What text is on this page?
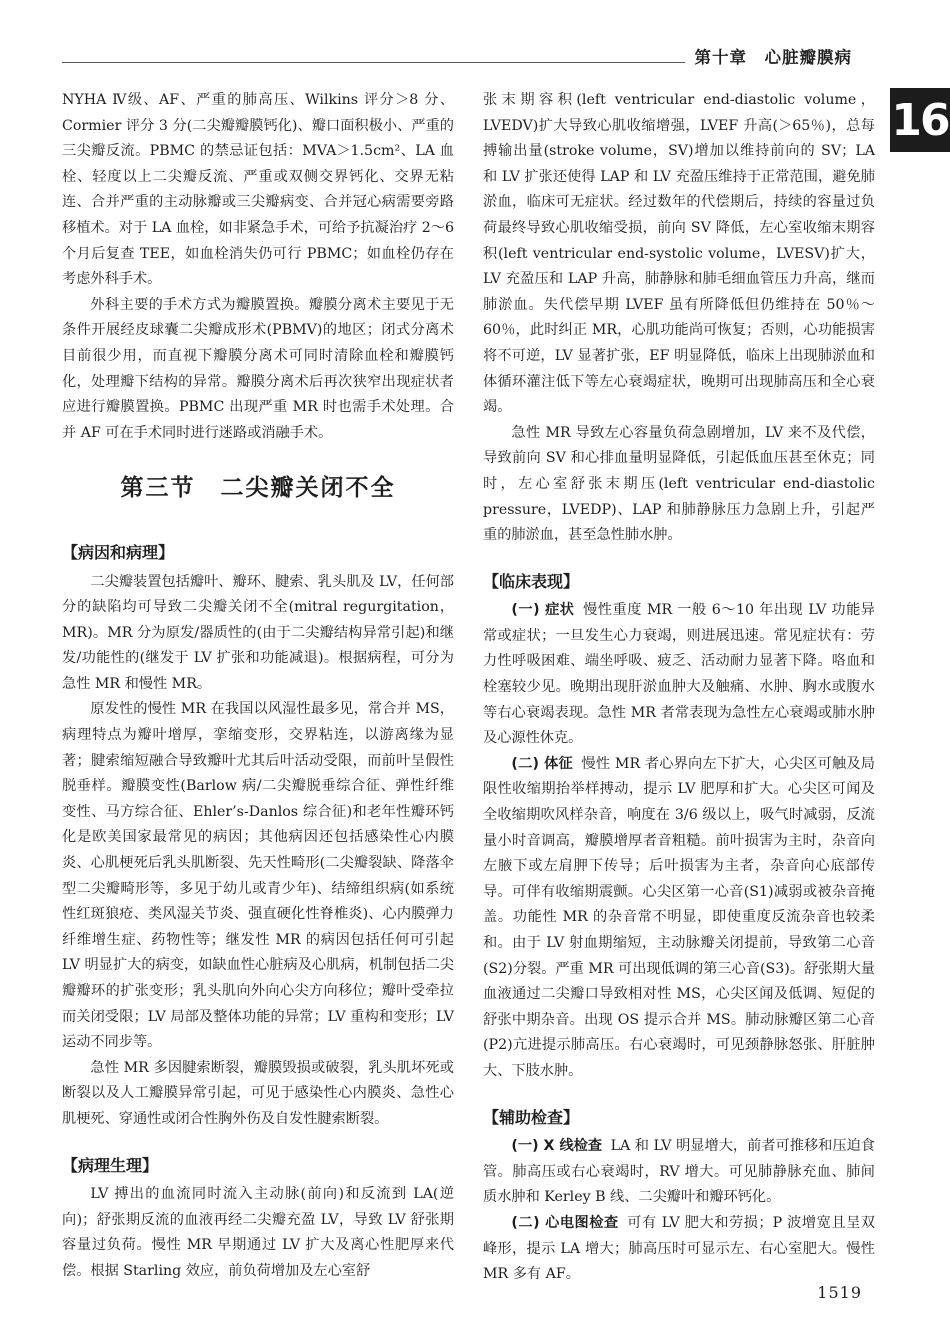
第十章　心脏瓣膜病
16

NYHA Ⅳ级、AF、严重的肺高压、Wilkins 评分＞8 分、Cormier 评分 3 分(二尖瓣瓣膜钙化)、瓣口面积极小、严重的三尖瓣反流。PBMC 的禁忌证包括：MVA＞1.5cm²、LA 血栓、轻度以上二尖瓣反流、严重或双侧交界钙化、交界无粘连、合并严重的主动脉瓣或三尖瓣病变、合并冠心病需要旁路移植术。对于 LA 血栓，如非紧急手术，可给予抗凝治疗 2～6 个月后复查 TEE，如血栓消失仍可行 PBMC；如血栓仍存在考虑外科手术。

外科主要的手术方式为瓣膜置换。瓣膜分离术主要见于无条件开展经皮球囊二尖瓣成形术(PBMV)的地区；闭式分离术目前很少用，而直视下瓣膜分离术可同时清除血栓和瓣膜钙化，处理瓣下结构的异常。瓣膜分离术后再次狭窄出现症状者应进行瓣膜置换。PBMC 出现严重 MR 时也需手术处理。合并 AF 可在手术同时进行迷路或消融手术。

第三节　二尖瓣关闭不全
【病因和病理】

二尖瓣装置包括瓣叶、瓣环、腱索、乳头肌及 LV，任何部分的缺陷均可导致二尖瓣关闭不全(mitral regurgitation，MR)。MR 分为原发/器质性的(由于二尖瓣结构异常引起)和继发/功能性的(继发于 LV 扩张和功能减退)。根据病程，可分为急性 MR 和慢性 MR。

原发性的慢性 MR 在我国以风湿性最多见，常合并 MS，病理特点为瓣叶增厚，挛缩变形，交界粘连，以游离缘为显著；腱索缩短融合导致瓣叶尤其后叶活动受限，而前叶呈假性脱垂样。瓣膜变性(Barlow 病/二尖瓣脱垂综合征、弹性纤维变性、马方综合征、Ehler’s-Danlos 综合征)和老年性瓣环钙化是欧美国家最常见的病因；其他病因还包括感染性心内膜炎、心肌梗死后乳头肌断裂、先天性畸形(二尖瓣裂缺、降落伞型二尖瓣畸形等，多见于幼儿或青少年)、结缔组织病(如系统性红斑狼疮、类风湿关节炎、强直硬化性脊椎炎)、心内膜弹力纤维增生症、药物性等；继发性 MR 的病因包括任何可引起 LV 明显扩大的病变，如缺血性心脏病及心肌病，机制包括二尖瓣瓣环的扩张变形；乳头肌向外向心尖方向移位；瓣叶受牵拉而关闭受限；LV 局部及整体功能的异常；LV 重构和变形；LV 运动不同步等。

急性 MR 多因腱索断裂，瓣膜毁损或破裂，乳头肌坏死或断裂以及人工瓣膜异常引起，可见于感染性心内膜炎、急性心肌梗死、穿通性或闭合性胸外伤及自发性腱索断裂。

【病理生理】

LV 搏出的血流同时流入主动脉(前向)和反流到 LA(逆向)；舒张期反流的血液再经二尖瓣充盈 LV，导致 LV 舒张期容量过负荷。慢性 MR 早期通过 LV 扩大及离心性肥厚来代偿。根据 Starling 效应，前负荷增加及左心室舒

张末期容积(left ventricular end-diastolic volume，LVEDV)扩大导致心肌收缩增强，LVEF 升高(＞65％)，总每搏输出量(stroke volume，SV)增加以维持前向的 SV；LA 和 LV 扩张还使得 LAP 和 LV 充盈压维持于正常范围，避免肺淤血，临床可无症状。经过数年的代偿期后，持续的容量过负荷最终导致心肌收缩受损，前向 SV 降低，左心室收缩末期容积(left ventricular end-systolic volume，LVESV)扩大，LV 充盈压和 LAP 升高，肺静脉和肺毛细血管压力升高，继而肺淤血。失代偿早期 LVEF 虽有所降低但仍维持在 50％～60％，此时纠正 MR，心肌功能尚可恢复；否则，心功能损害将不可逆，LV 显著扩张，EF 明显降低，临床上出现肺淤血和体循环灌注低下等左心衰竭症状，晚期可出现肺高压和全心衰竭。

急性 MR 导致左心容量负荷急剧增加，LV 来不及代偿，导致前向 SV 和心排血量明显降低，引起低血压甚至休克；同时，左心室舒张末期压(left ventricular end-diastolic pressure，LVEDP)、LAP 和肺静脉压力急剧上升，引起严重的肺淤血，甚至急性肺水肿。

【临床表现】

(一) 症状 慢性重度 MR 一般 6～10 年出现 LV 功能异常或症状；一旦发生心力衰竭，则进展迅速。常见症状有：劳力性呼吸困难、端坐呼吸、疲乏、活动耐力显著下降。咯血和栓塞较少见。晚期出现肝淤血肿大及触痛、水肿、胸水或腹水等右心衰竭表现。急性 MR 者常表现为急性左心衰竭或肺水肿及心源性休克。

(二) 体征 慢性 MR 者心界向左下扩大，心尖区可触及局限性收缩期抬举样搏动，提示 LV 肥厚和扩大。心尖区可闻及全收缩期吹风样杂音，响度在 3/6 级以上，吸气时减弱，反流量小时音调高，瓣膜增厚者音粗糙。前叶损害为主时，杂音向左腋下或左肩胛下传导；后叶损害为主者，杂音向心底部传导。可伴有收缩期震颤。心尖区第一心音(S1)减弱或被杂音掩盖。功能性 MR 的杂音常不明显，即使重度反流杂音也较柔和。由于 LV 射血期缩短，主动脉瓣关闭提前，导致第二心音(S2)分裂。严重 MR 可出现低调的第三心音(S3)。舒张期大量血液通过二尖瓣口导致相对性 MS，心尖区闻及低调、短促的舒张中期杂音。出现 OS 提示合并 MS。肺动脉瓣区第二心音(P2)亢进提示肺高压。右心衰竭时，可见颈静脉怒张、肝脏肿大、下肢水肿。

【辅助检查】

(一) X 线检查 LA 和 LV 明显增大，前者可推移和压迫食管。肺高压或右心衰竭时，RV 增大。可见肺静脉充血、肺间质水肿和 Kerley B 线、二尖瓣叶和瓣环钙化。

(二) 心电图检查 可有 LV 肥大和劳损；P 波增宽且呈双峰形，提示 LA 增大；肺高压时可显示左、右心室肥大。慢性 MR 多有 AF。

1519
